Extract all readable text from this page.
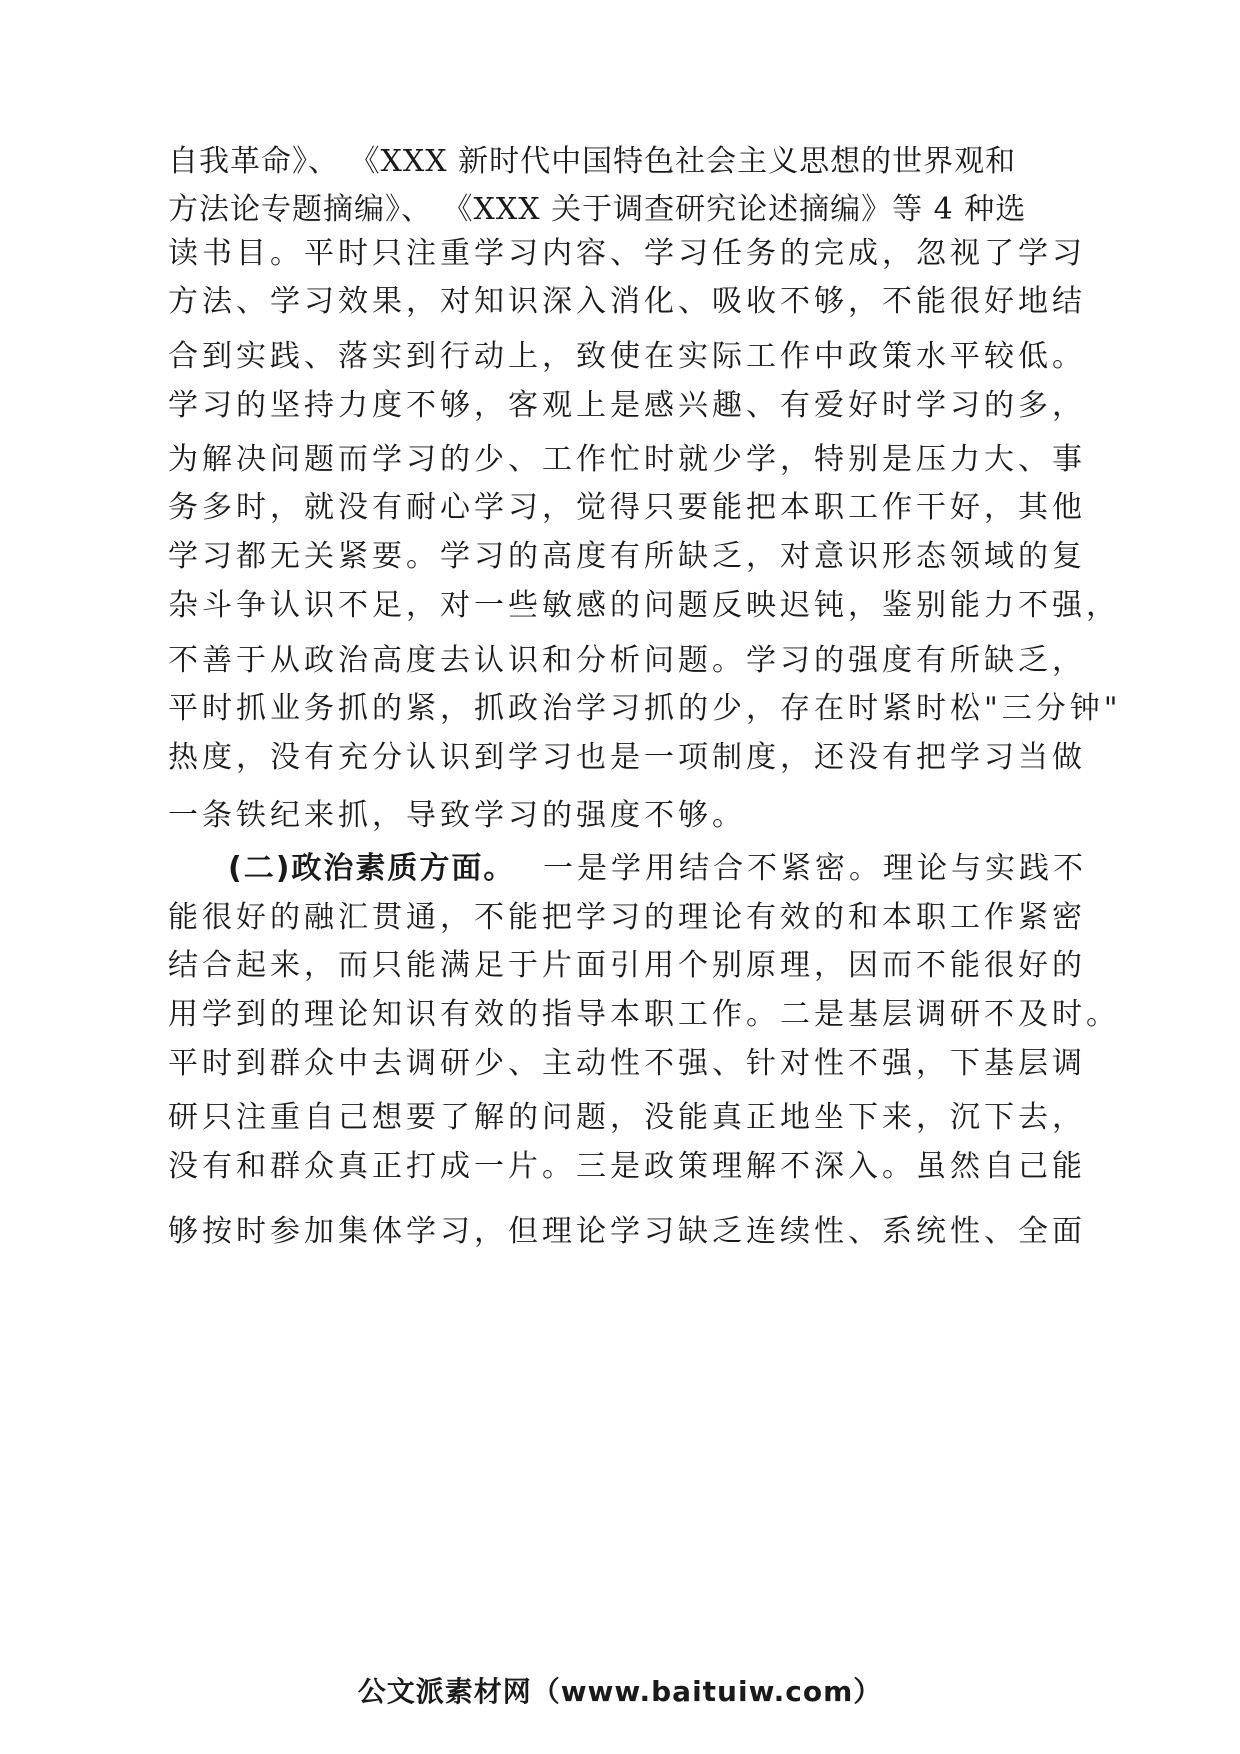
自我革命》、 《XXX 新时代中国特色社会主义思想的世界观和

方法论专题摘编》、 《XXX 关于调查研究论述摘编》等 4 种选

读书目。平时只注重学习内容、学习任务的完成，忽视了学习

方法、学习效果，对知识深入消化、吸收不够，不能很好地结

合到实践、落实到行动上，致使在实际工作中政策水平较低。

学习的坚持力度不够，客观上是感兴趣、有爱好时学习的多，

为解决问题而学习的少、工作忙时就少学，特别是压力大、事

务多时，就没有耐心学习，觉得只要能把本职工作干好，其他

学习都无关紧要。学习的高度有所缺乏，对意识形态领域的复

杂斗争认识不足，对一些敏感的问题反映迟钝，鉴别能力不强，

不善于从政治高度去认识和分析问题。学习的强度有所缺乏，

平时抓业务抓的紧，抓政治学习抓的少，存在时紧时松"三分钟"

热度，没有充分认识到学习也是一项制度，还没有把学习当做

一条铁纪来抓，导致学习的强度不够。

(二)政治素质方面。 一是学用结合不紧密。理论与实践不

能很好的融汇贯通，不能把学习的理论有效的和本职工作紧密

结合起来，而只能满足于片面引用个别原理，因而不能很好的

用学到的理论知识有效的指导本职工作。二是基层调研不及时。

平时到群众中去调研少、主动性不强、针对性不强，下基层调

研只注重自己想要了解的问题，没能真正地坐下来，沉下去，

没有和群众真正打成一片。三是政策理解不深入。虽然自己能

够按时参加集体学习，但理论学习缺乏连续性、系统性、全面

公文派素材网（www.baituiw.com）
